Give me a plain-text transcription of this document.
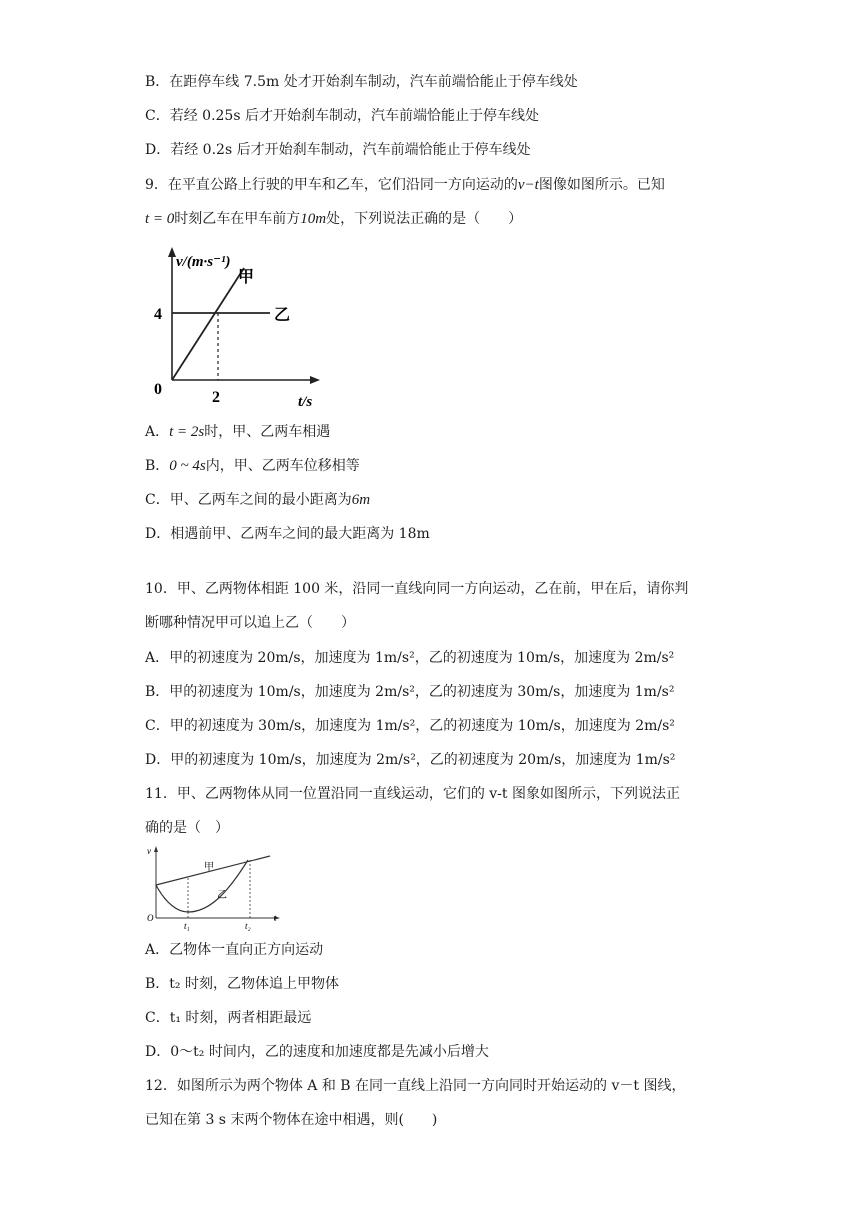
B．在距停车线 7.5m 处才开始刹车制动，汽车前端恰能止于停车线处
C．若经 0.25s 后才开始刹车制动，汽车前端恰能止于停车线处
D．若经 0.2s 后才开始刹车制动，汽车前端恰能止于停车线处
9．在平直公路上行驶的甲车和乙车，它们沿同一方向运动的v−t图像如图所示。已知
t = 0时刻乙车在甲车前方10m处，下列说法正确的是（　　）
v/(m·s⁻¹)
甲
乙
4
0	2	t/s
A．t = 2s时，甲、乙两车相遇
B．0 ~ 4s内，甲、乙两车位移相等
C．甲、乙两车之间的最小距离为6m
D．相遇前甲、乙两车之间的最大距离为 18m
10．甲、乙两物体相距 100 米，沿同一直线向同一方向运动，乙在前，甲在后，请你判
断哪种情况甲可以追上乙（　　）
A．甲的初速度为 20m/s，加速度为 1m/s²，乙的初速度为 10m/s，加速度为 2m/s²
B．甲的初速度为 10m/s，加速度为 2m/s²，乙的初速度为 30m/s，加速度为 1m/s²
C．甲的初速度为 30m/s，加速度为 1m/s²，乙的初速度为 10m/s，加速度为 2m/s²
D．甲的初速度为 10m/s，加速度为 2m/s²，乙的初速度为 20m/s，加速度为 1m/s²
11．甲、乙两物体从同一位置沿同一直线运动，它们的 v-t 图象如图所示，下列说法正
确的是（　）
v
甲
乙
O
t₁	t₂
t
A．乙物体一直向正方向运动
B．t₂ 时刻，乙物体追上甲物体
C．t₁ 时刻，两者相距最远
D．0～t₂ 时间内，乙的速度和加速度都是先减小后增大
12．如图所示为两个物体 A 和 B 在同一直线上沿同一方向同时开始运动的 v－t 图线，
已知在第 3 s 末两个物体在途中相遇，则(　　)
